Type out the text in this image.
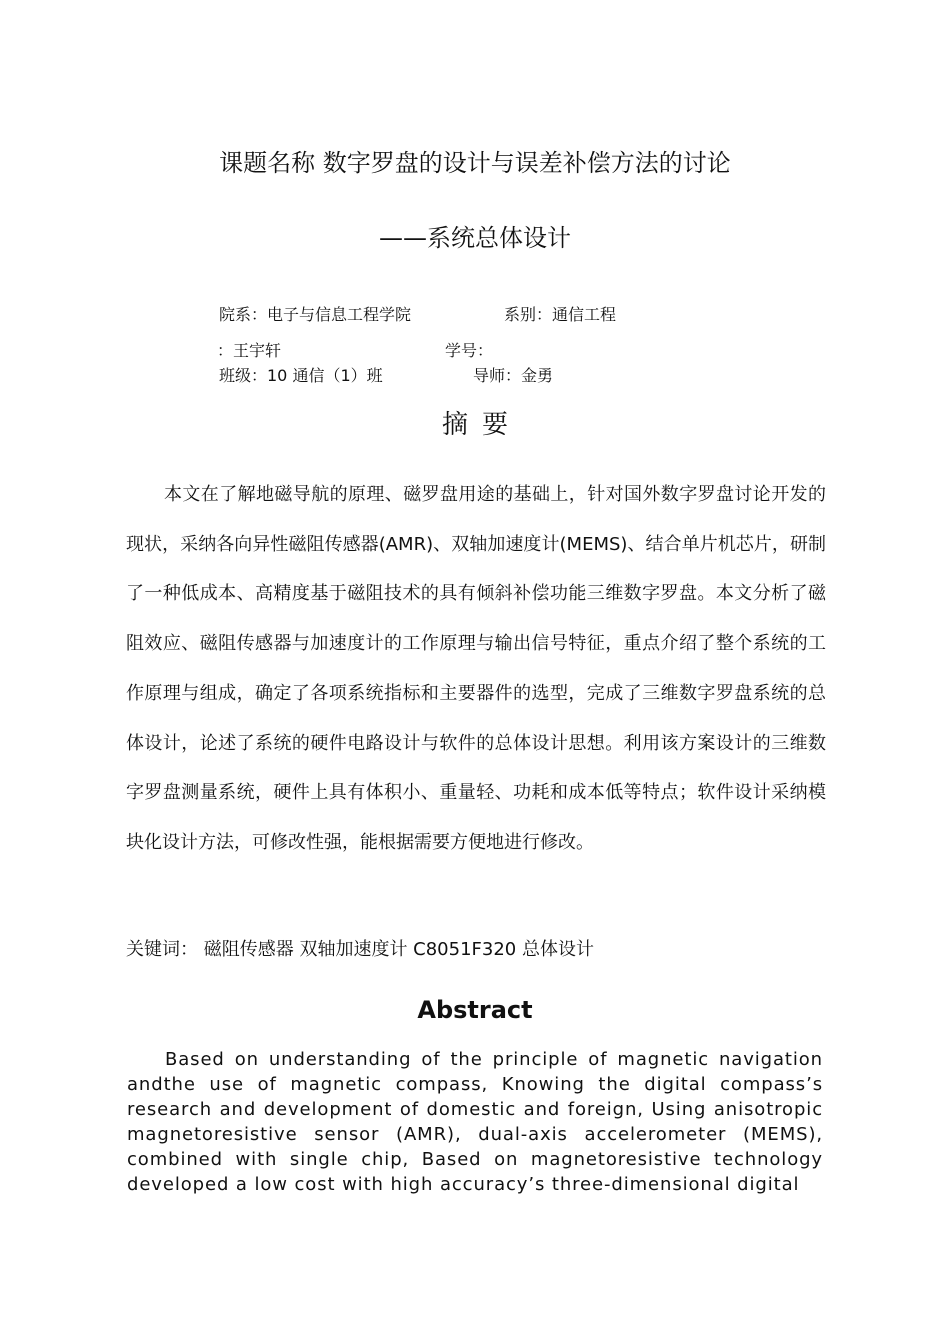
课题名称 数字罗盘的设计与误差补偿方法的讨论
——系统总体设计
院系：电子与信息工程学院	系别：通信工程
：王宇轩	学号：
班级：10 通信（1）班	导师：金勇
摘要

本文在了解地磁导航的原理、磁罗盘用途的基础上，针对国外数字罗盘讨论开发的现状，采纳各向异性磁阻传感器(AMR)、双轴加速度计(MEMS)、结合单片机芯片，研制了一种低成本、高精度基于磁阻技术的具有倾斜补偿功能三维数字罗盘。本文分析了磁阻效应、磁阻传感器与加速度计的工作原理与输出信号特征，重点介绍了整个系统的工作原理与组成，确定了各项系统指标和主要器件的选型，完成了三维数字罗盘系统的总体设计，论述了系统的硬件电路设计与软件的总体设计思想。利用该方案设计的三维数字罗盘测量系统，硬件上具有体积小、重量轻、功耗和成本低等特点；软件设计采纳模块化设计方法，可修改性强，能根据需要方便地进行修改。

关键词： 磁阻传感器 双轴加速度计 C8051F320 总体设计
Abstract

Based on understanding of the principle of magnetic navigation andthe use of magnetic compass, Knowing the digital compass’s research and development of domestic and foreign, Using anisotropic magnetoresistive sensor (AMR), dual-axis accelerometer (MEMS), combined with single chip, Based on magnetoresistive technology developed a low cost with high accuracy’s three-dimensional digital
